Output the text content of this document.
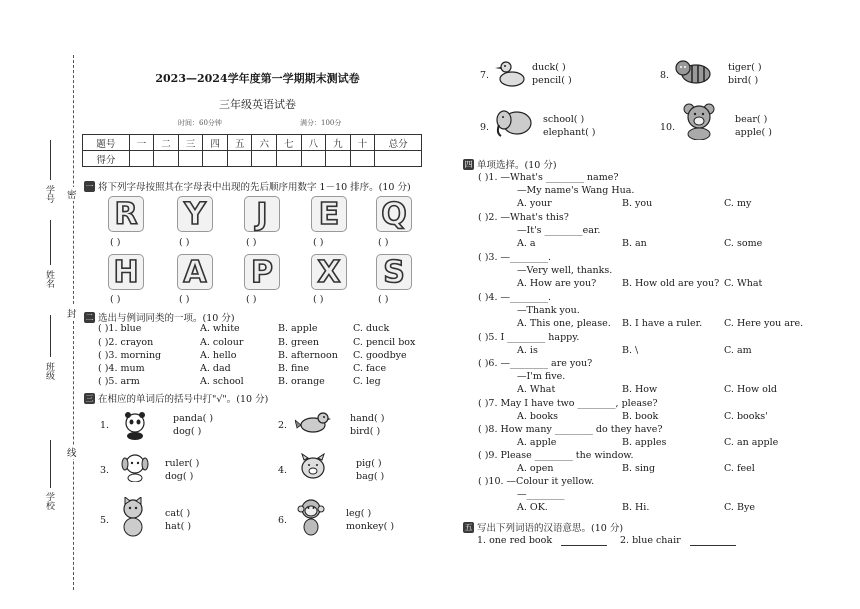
学号
姓名
班级
学校
密
封
线
2023—2024学年度第一学期期末测试卷
三年级英语试卷
时间：60分钟	满分：100分
题号	一	二	三	四	五	六	七	八	九	十	总分
得分											
一 将下列字母按照其在字母表中出现的先后顺序用数字 1－10 排序。(10 分)
R Y	J	E Q
( )	( )	( )	( )	( )
H A P X S
( )	( )	( )	( )	( )
二 选出与例词同类的一项。(10 分)
( )1. blue	A. white	B. apple	C. duck
( )2. crayon	A. colour	B. green	C. pencil box
( )3. morning	A. hello	B. afternoon C. goodbye
( )4. mum	A. dad	B. fine	C. face
( )5. arm	A. school	B. orange	C. leg
三 在相应的单词后的括号中打"√"。(10 分)
1.
panda( )
dog( )
2.
hand( )
bird( )
3.
ruler( )
dog( )
4.
pig( )
bag( )
5.
cat( )
hat( )
6.
leg( )
monkey( )
7.
duck( )
pencil( )	8.
tiger( )
bird( )
9.
school( )
elephant( )	10.
bear( )
apple( )
四 单项选择。(10 分)
( )1. —What's ________ name?
—My name's Wang Hua.
A. your	B. you	C. my
( )2. —What's this?
—It's ________ear.
A. a	B. an	C. some
( )3. —________.
—Very well, thanks.
A. How are you?	B. How old are you? C. What
( )4. —________.
—Thank you.
A. This one, please. B. I have a ruler. C. Here you are.
( )5. I ________ happy.
A. is	B. \	C. am
( )6. —________ are you?
—I'm five.
A. What	B. How	C. How old
( )7. May I have two ________, please?
A. books	B. book	C. books'
( )8. How many ________ do they have?
A. apple	B. apples	C. an apple
( )9. Please ________ the window.
A. open	B. sing	C. feel
( )10. —Colour it yellow.
—________
A. OK.	B. Hi.	C. Bye
五 写出下列词语的汉语意思。(10 分)
1. one red book	2. blue chair
